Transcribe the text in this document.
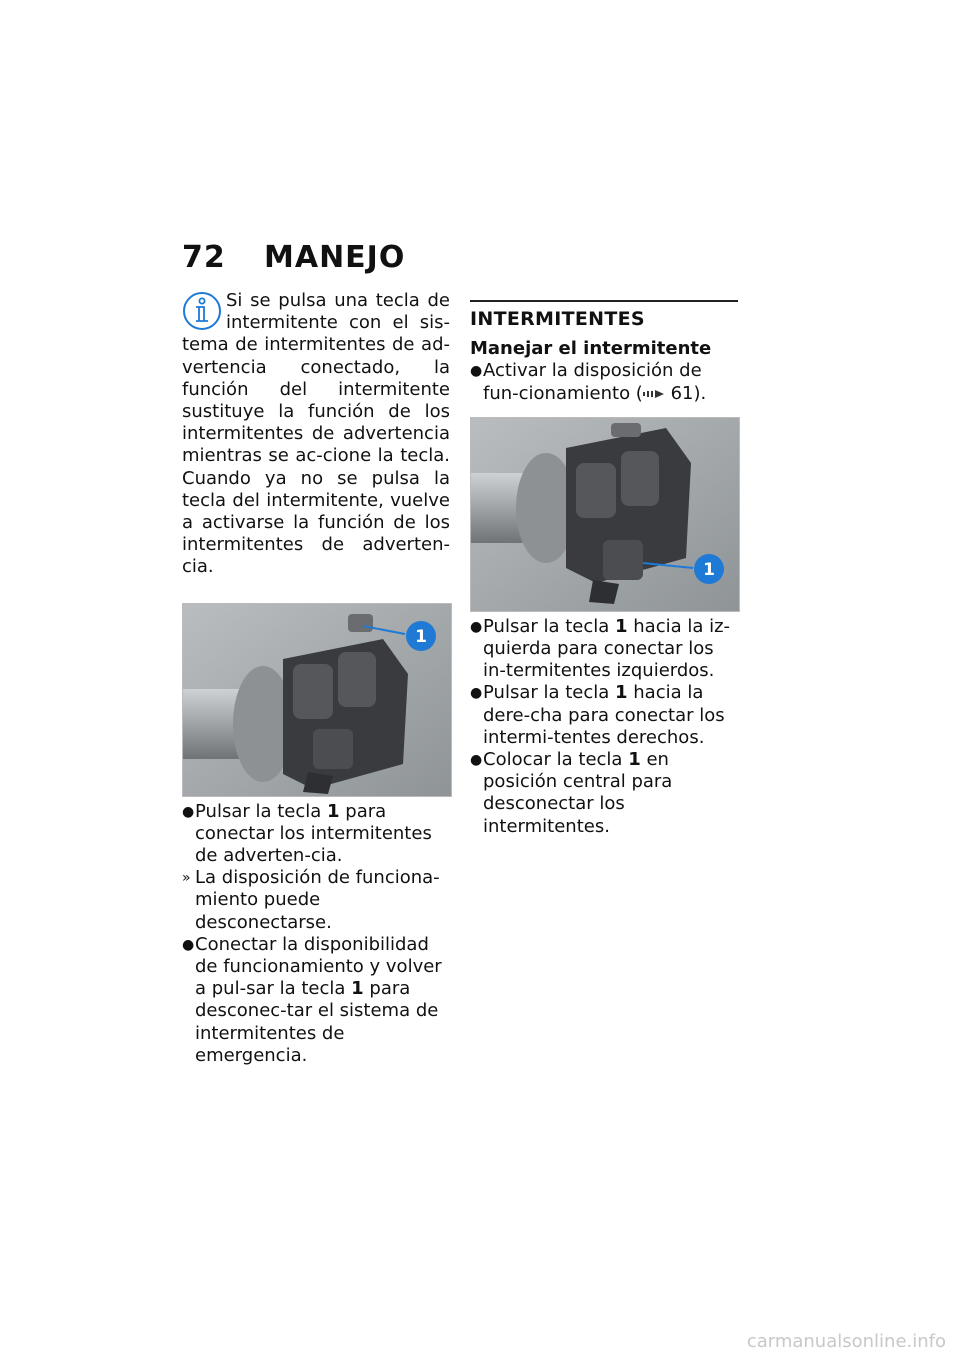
72 MANEJO

Si se pulsa una tecla de intermitente con el sis-tema de intermitentes de ad-vertencia conectado, la función del intermitente sustituye la función de los intermitentes de advertencia mientras se ac-cione la tecla. Cuando ya no se pulsa la tecla del intermitente, vuelve a activarse la función de los intermitentes de adverten-cia.

1
● Pulsar la tecla 1 para conectar los intermitentes de adverten-cia.
» La disposición de funciona-miento puede desconectarse.
● Conectar la disponibilidad de funcionamiento y volver a pul-sar la tecla 1 para desconec-tar el sistema de intermitentes de emergencia.
INTERMITENTES
Manejar el intermitente
● Activar la disposición de fun-cionamiento ( 61).
1
● Pulsar la tecla 1 hacia la iz-quierda para conectar los in-termitentes izquierdos.
● Pulsar la tecla 1 hacia la dere-cha para conectar los intermi-tentes derechos.
● Colocar la tecla 1 en posición central para desconectar los intermitentes.
carmanualsonline.info
